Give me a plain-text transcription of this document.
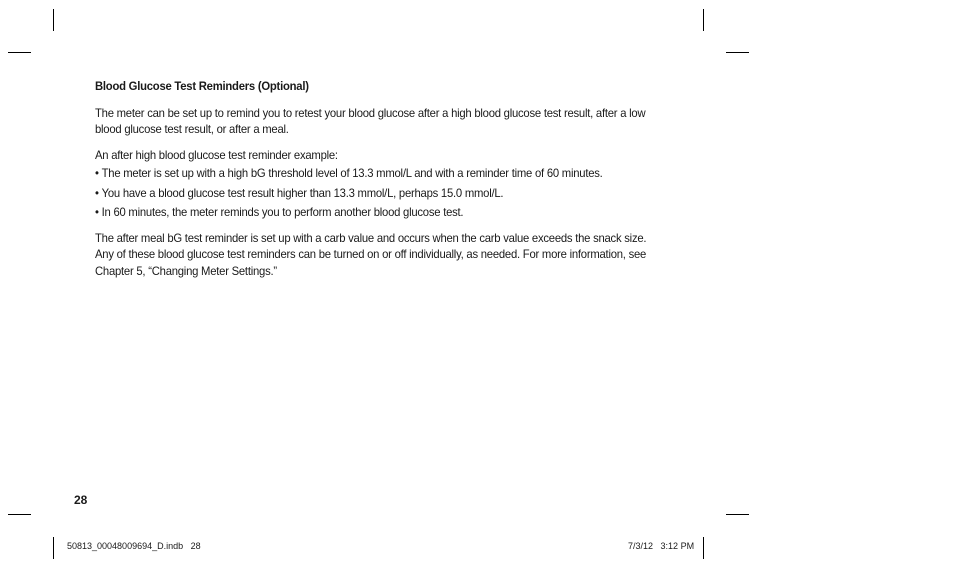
Blood Glucose Test Reminders (Optional)

The meter can be set up to remind you to retest your blood glucose after a high blood glucose test result, after a low blood glucose test result, or after a meal.

An after high blood glucose test reminder example:

• The meter is set up with a high bG threshold level of 13.3 mmol/L and with a reminder time of 60 minutes.
• You have a blood glucose test result higher than 13.3 mmol/L, perhaps 15.0 mmol/L.
• In 60 minutes, the meter reminds you to perform another blood glucose test.

The after meal bG test reminder is set up with a carb value and occurs when the carb value exceeds the snack size. Any of these blood glucose test reminders can be turned on or off individually, as needed. For more information, see Chapter 5, “Changing Meter Settings.”

28
50813_00048009694_D.indb 28	7/3/12 3:12 PM
